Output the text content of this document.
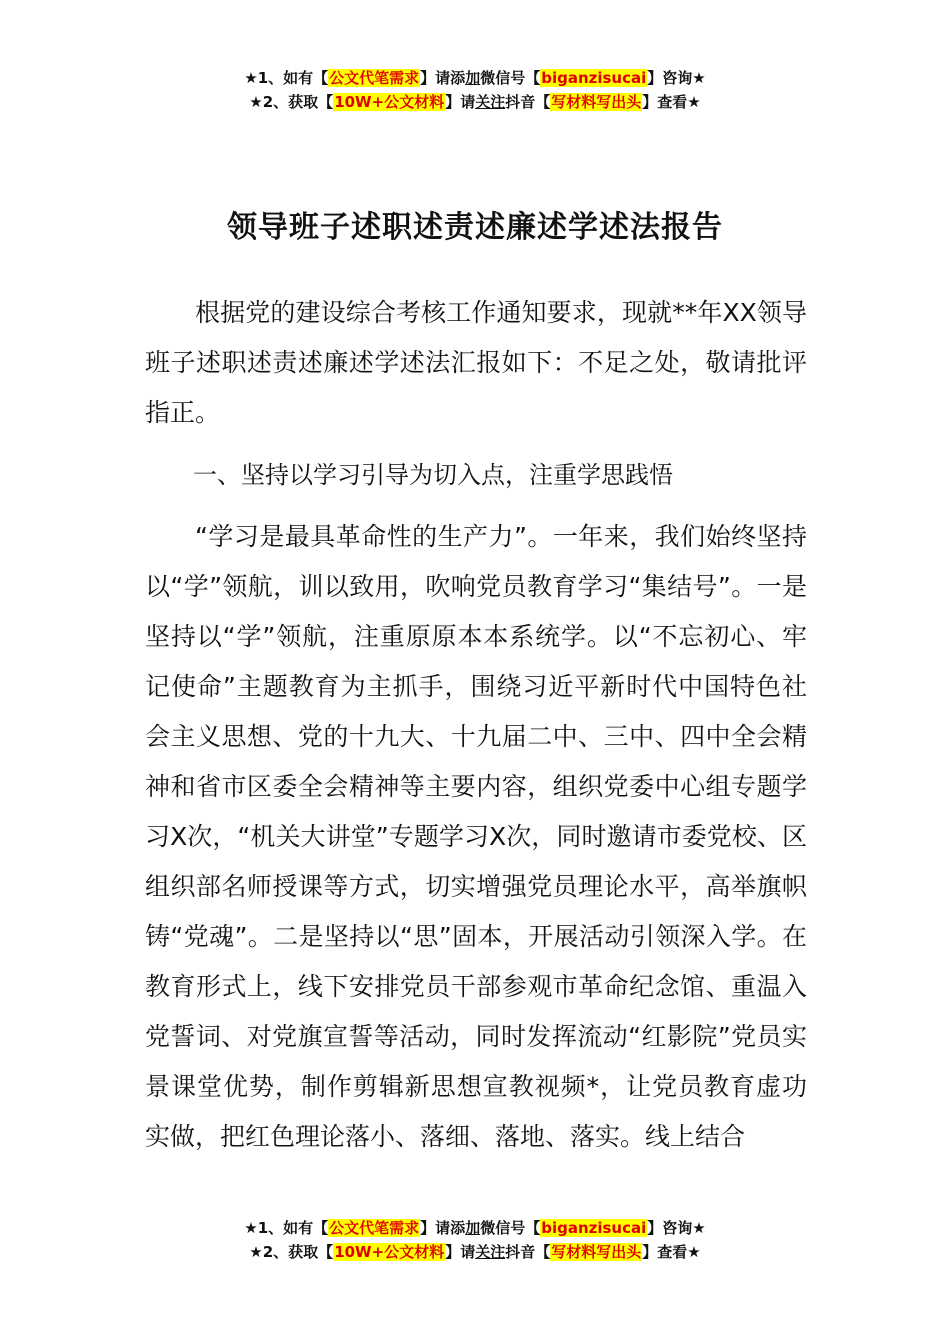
★1、如有【公文代笔需求】请添加微信号【biganzisucai】咨询★
★2、获取【10W+公文材料】请关注抖音【写材料写出头】查看★
领导班子述职述责述廉述学述法报告

根据党的建设综合考核工作通知要求，现就**年XX领导班子述职述责述廉述学述法汇报如下：不足之处，敬请批评指正。

一、坚持以学习引导为切入点，注重学思践悟

“学习是最具革命性的生产力”。一年来，我们始终坚持以“学”领航，训以致用，吹响党员教育学习“集结号”。一是坚持以“学”领航，注重原原本本系统学。以“不忘初心、牢记使命”主题教育为主抓手，围绕习近平新时代中国特色社会主义思想、党的十九大、十九届二中、三中、四中全会精神和省市区委全会精神等主要内容，组织党委中心组专题学习X次，“机关大讲堂”专题学习X次，同时邀请市委党校、区组织部名师授课等方式，切实增强党员理论水平，高举旗帜铸“党魂”。二是坚持以“思”固本，开展活动引领深入学。在教育形式上，线下安排党员干部参观市革命纪念馆、重温入党誓词、对党旗宣誓等活动，同时发挥流动“红影院”党员实景课堂优势，制作剪辑新思想宣教视频*，让党员教育虚功实做，把红色理论落小、落细、落地、落实。线上结合

★1、如有【公文代笔需求】请添加微信号【biganzisucai】咨询★
★2、获取【10W+公文材料】请关注抖音【写材料写出头】查看★
